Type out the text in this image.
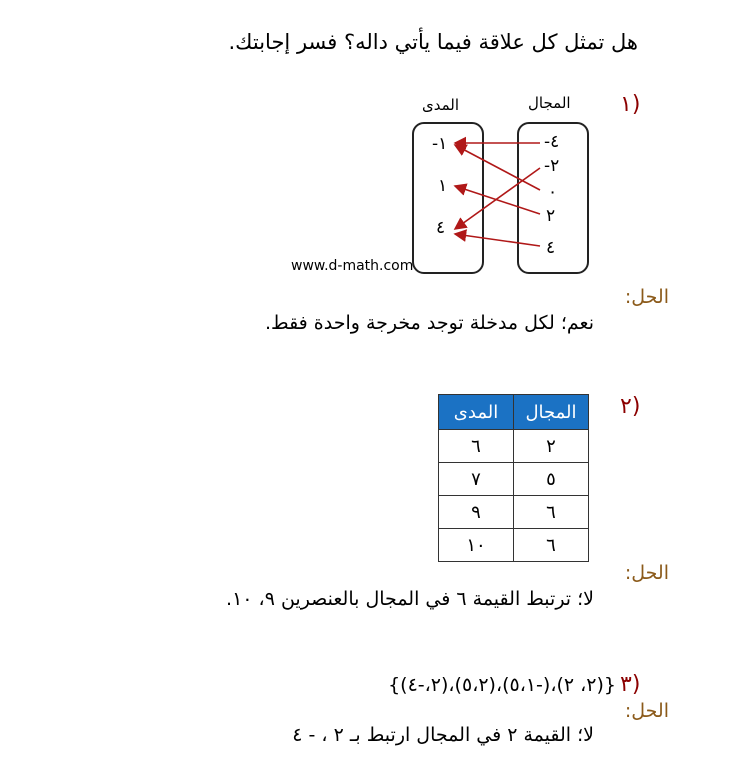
هل تمثل كل علاقة فيما يأتي داله؟ فسر إجابتك.
١)
المجال
المدى
-١
١
٤
-٤
-٢
٠
٢
٤
www.d-math.com
الحل:
نعم؛ لكل مدخلة توجد مخرجة واحدة فقط.
٢)
المدى	المجال
٦	٢
٧	٥
٩	٦
١٠	٦
الحل:
لا؛ ترتبط القيمة ٦ في المجال بالعنصرين ٩، ١٠.
٣)
{(٢، ٢)،(-٥،١)،(٥،٢)،(٢،-٤)}
الحل:
لا؛ القيمة ٢ في المجال ارتبط بـ ٢ ، - ٤
